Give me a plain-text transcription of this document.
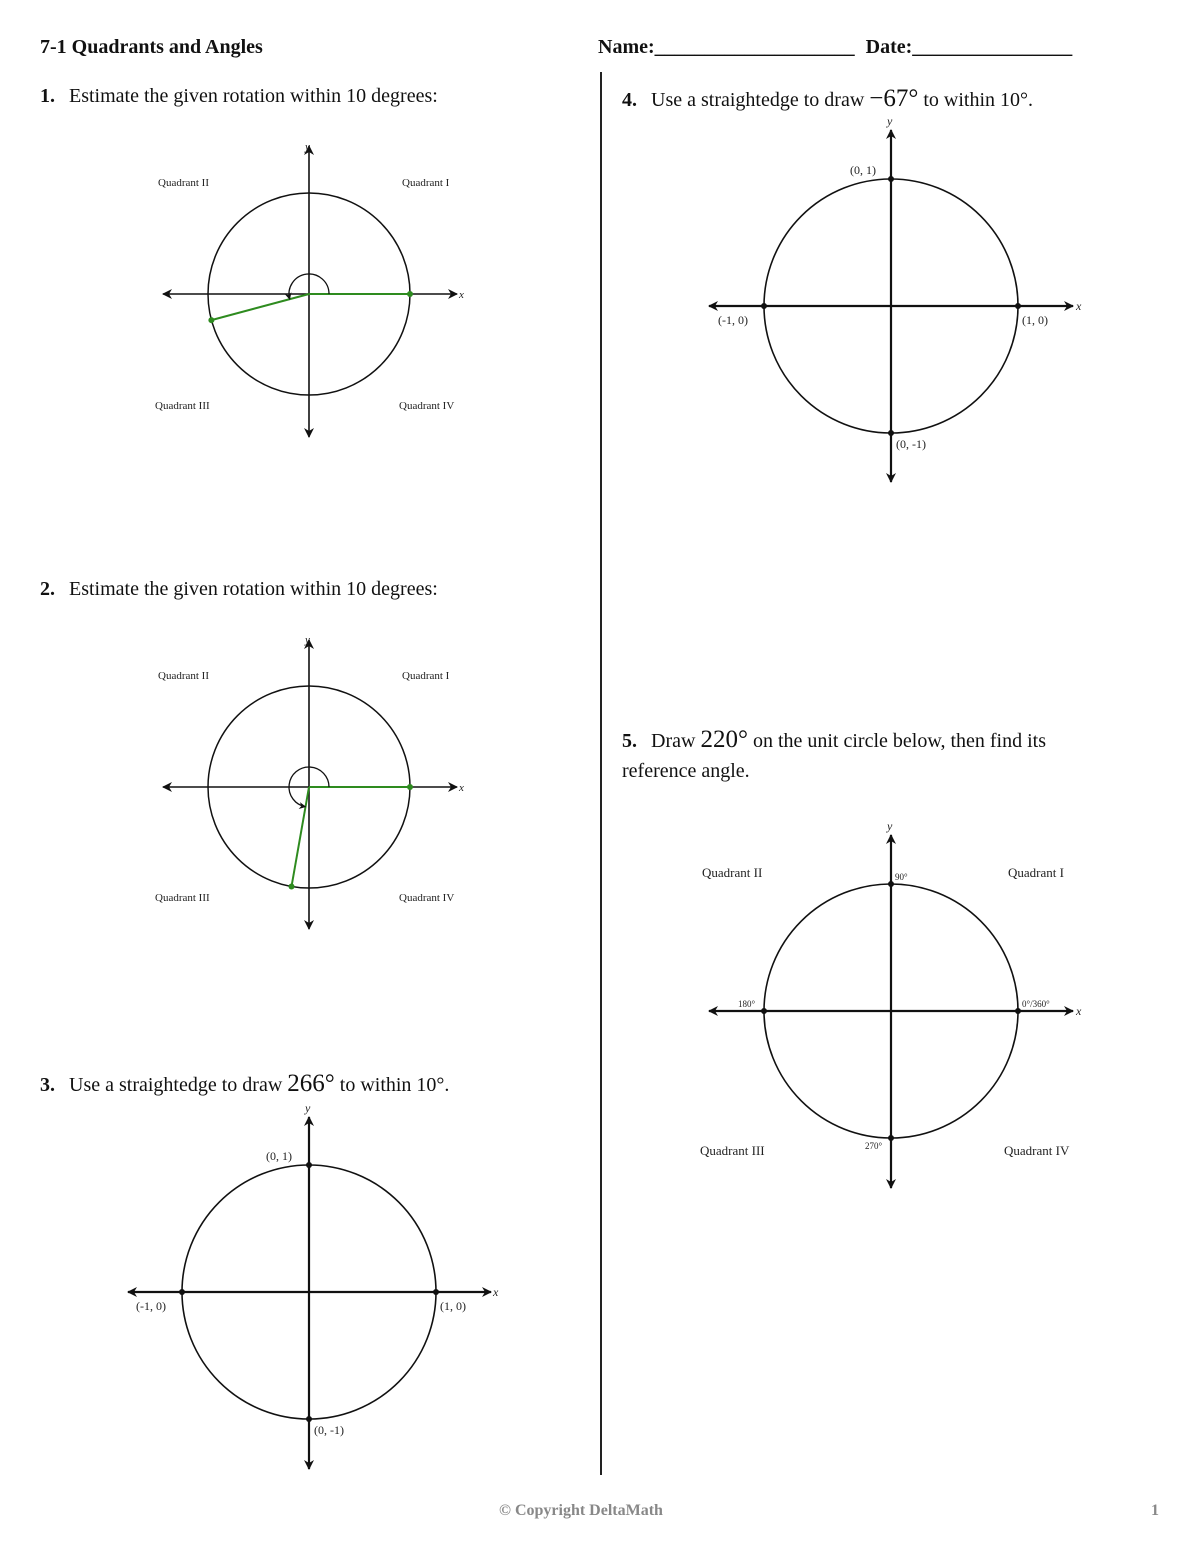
7-1 Quadrants and Angles	Name:____________________ Date:________________
1. Estimate the given rotation within 10 degrees:
Quadrant II	Quadrant I
Quadrant III	Quadrant IV
x
y
Quadrant II	Quadrant I
Quadrant III	Quadrant IV
x
y
(0, 1)
(0, -1)
(-1, 0)	(1, 0)
x
y
(0, 1)
(0, -1)
(-1, 0)	(1, 0)
x
y
90°
180°
270°
0°/360°
Quadrant II	Quadrant I
Quadrant III	Quadrant IV
x
y
2. Estimate the given rotation within 10 degrees:
3. Use a straightedge to draw 266° to within 10°.
4. Use a straightedge to draw −67° to within 10°.
5. Draw 220° on the unit circle below, then find its
reference angle.
© Copyright DeltaMath	1
